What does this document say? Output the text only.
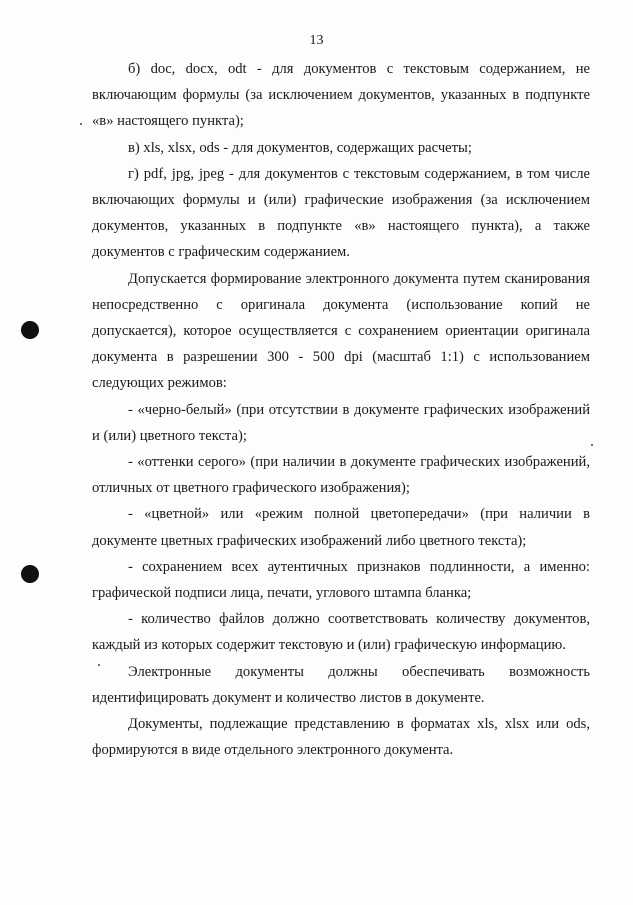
13

б) doc, docx, odt - для документов с текстовым содержанием, не включающим формулы (за исключением документов, указанных в подпункте «в» настоящего пункта);

в) xls, xlsx, ods - для документов, содержащих расчеты;

г) pdf, jpg, jpeg - для документов с текстовым содержанием, в том числе включающих формулы и (или) графические изображения (за исключением документов, указанных в подпункте «в» настоящего пункта), а также документов с графическим содержанием.

Допускается формирование электронного документа путем сканирования непосредственно с оригинала документа (использование копий не допускается), которое осуществляется с сохранением ориентации оригинала документа в разрешении 300 - 500 dpi (масштаб 1:1) с использованием следующих режимов:

- «черно-белый» (при отсутствии в документе графических изображений и (или) цветного текста);

- «оттенки серого» (при наличии в документе графических изображений, отличных от цветного графического изображения);

- «цветной» или «режим полной цветопередачи» (при наличии в документе цветных графических изображений либо цветного текста);

- сохранением всех аутентичных признаков подлинности, а именно: графической подписи лица, печати, углового штампа бланка;

- количество файлов должно соответствовать количеству документов, каждый из которых содержит текстовую и (или) графическую информацию.

Электронные документы должны обеспечивать возможность идентифицировать документ и количество листов в документе.

Документы, подлежащие представлению в форматах xls, xlsx или ods, формируются в виде отдельного электронного документа.
